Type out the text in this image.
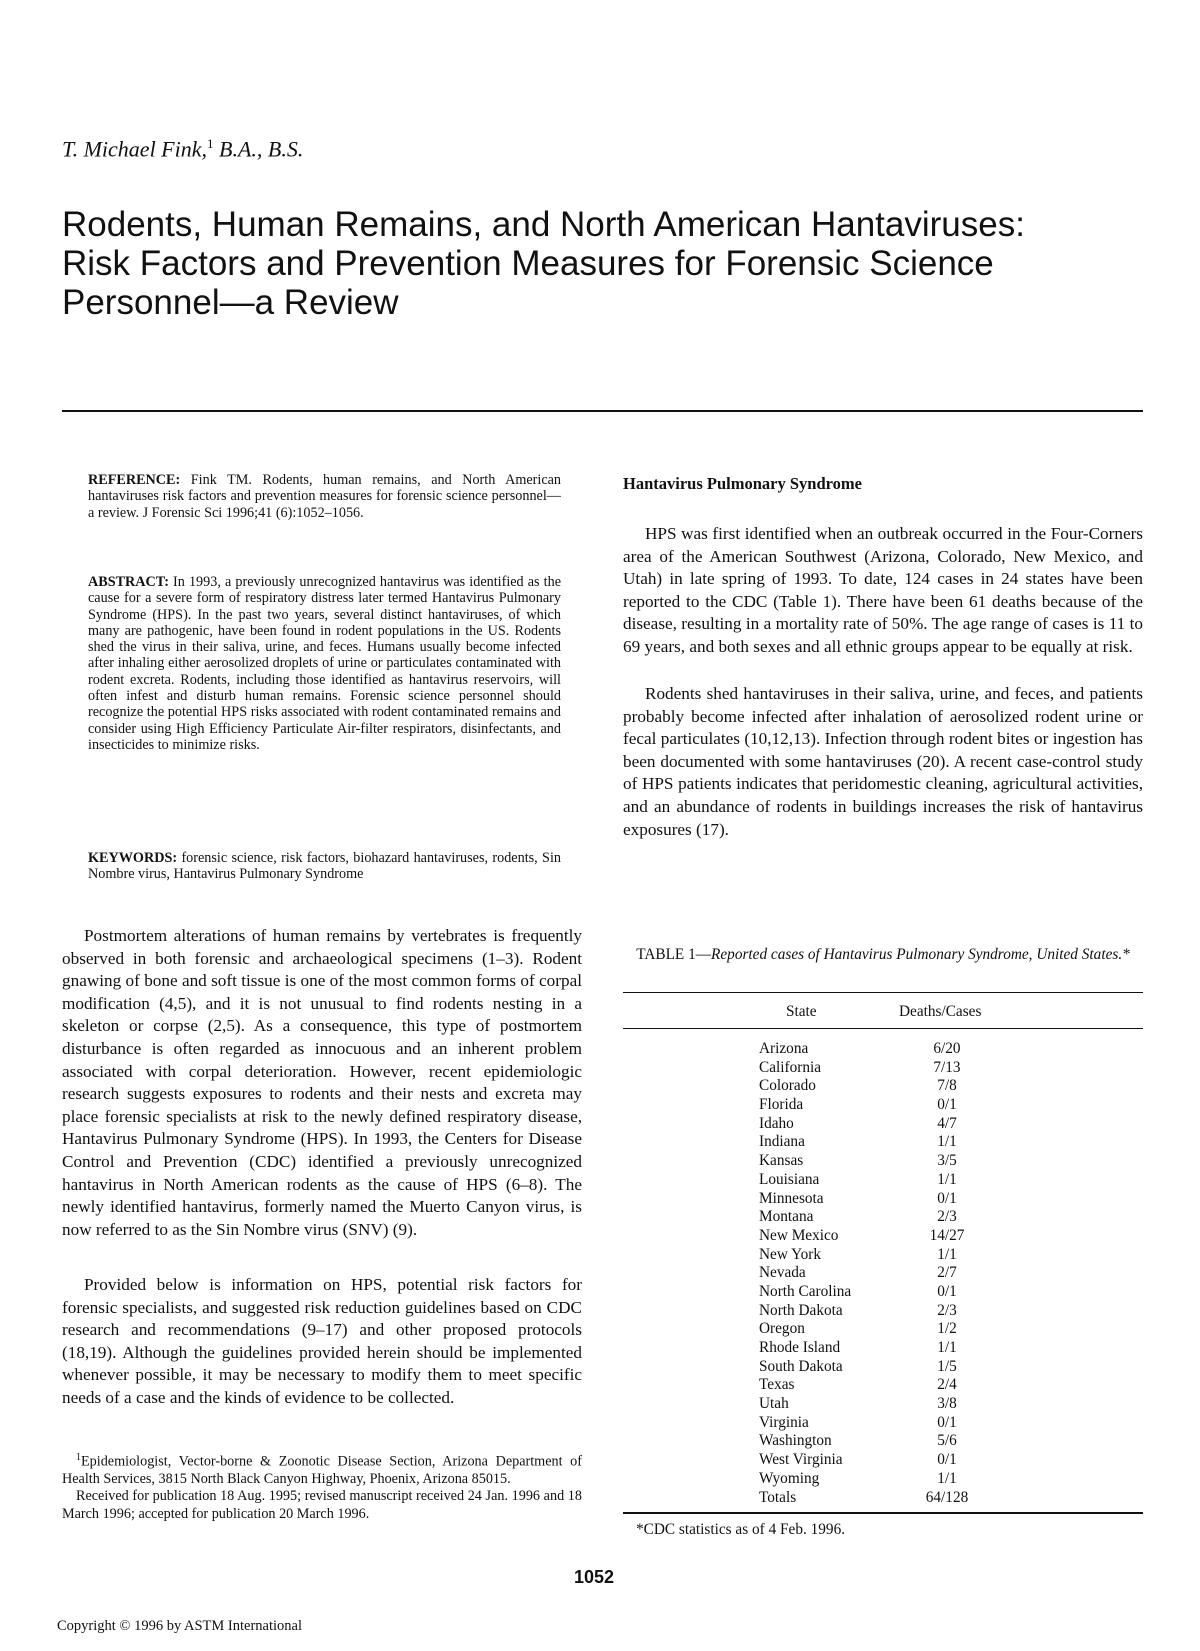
T. Michael Fink,$^1$ B.A., B.S.
Rodents, Human Remains, and North American Hantaviruses:
Risk Factors and Prevention Measures for Forensic Science
Personnel—a Review
REFERENCE: Fink TM. Rodents, human remains, and North American hantaviruses risk factors and prevention measures for forensic science personnel—a review. J Forensic Sci 1996;41 (6):1052–1056.
ABSTRACT: In 1993, a previously unrecognized hantavirus was identified as the cause for a severe form of respiratory distress later termed Hantavirus Pulmonary Syndrome (HPS). In the past two years, several distinct hantaviruses, of which many are pathogenic, have been found in rodent populations in the US. Rodents shed the virus in their saliva, urine, and feces. Humans usually become infected after inhaling either aerosolized droplets of urine or particulates contaminated with rodent excreta. Rodents, including those identified as hantavirus reservoirs, will often infest and disturb human remains. Forensic science personnel should recognize the potential HPS risks associated with rodent contaminated remains and consider using High Efficiency Particulate Air-filter respirators, disinfectants, and insecticides to minimize risks.
KEYWORDS: forensic science, risk factors, biohazard hantaviruses, rodents, Sin Nombre virus, Hantavirus Pulmonary Syndrome
Postmortem alterations of human remains by vertebrates is frequently observed in both forensic and archaeological specimens (1–3). Rodent gnawing of bone and soft tissue is one of the most common forms of corpal modification (4,5), and it is not unusual to find rodents nesting in a skeleton or corpse (2,5). As a consequence, this type of postmortem disturbance is often regarded as innocuous and an inherent problem associated with corpal deterioration. However, recent epidemiologic research suggests exposures to rodents and their nests and excreta may place forensic specialists at risk to the newly defined respiratory disease, Hantavirus Pulmonary Syndrome (HPS). In 1993, the Centers for Disease Control and Prevention (CDC) identified a previously unrecognized hantavirus in North American rodents as the cause of HPS (6–8). The newly identified hantavirus, formerly named the Muerto Canyon virus, is now referred to as the Sin Nombre virus (SNV) (9).
Provided below is information on HPS, potential risk factors for forensic specialists, and suggested risk reduction guidelines based on CDC research and recommendations (9–17) and other proposed protocols (18,19). Although the guidelines provided herein should be implemented whenever possible, it may be necessary to modify them to meet specific needs of a case and the kinds of evidence to be collected.
$^1$Epidemiologist, Vector-borne & Zoonotic Disease Section, Arizona Department of Health Services, 3815 North Black Canyon Highway, Phoenix, Arizona 85015.
Received for publication 18 Aug. 1995; revised manuscript received 24 Jan. 1996 and 18 March 1996; accepted for publication 20 March 1996.
Hantavirus Pulmonary Syndrome
HPS was first identified when an outbreak occurred in the Four-Corners area of the American Southwest (Arizona, Colorado, New Mexico, and Utah) in late spring of 1993. To date, 124 cases in 24 states have been reported to the CDC (Table 1). There have been 61 deaths because of the disease, resulting in a mortality rate of 50%. The age range of cases is 11 to 69 years, and both sexes and all ethnic groups appear to be equally at risk.
Rodents shed hantaviruses in their saliva, urine, and feces, and patients probably become infected after inhalation of aerosolized rodent urine or fecal particulates (10,12,13). Infection through rodent bites or ingestion has been documented with some hantaviruses (20). A recent case-control study of HPS patients indicates that peridomestic cleaning, agricultural activities, and an abundance of rodents in buildings increases the risk of hantavirus exposures (17).
TABLE 1—Reported cases of Hantavirus Pulmonary Syndrome, United States.*
State	Deaths/Cases
Arizona	6/20
California	7/13
Colorado	7/8
Florida	0/1
Idaho	4/7
Indiana	1/1
Kansas	3/5
Louisiana	1/1
Minnesota	0/1
Montana	2/3
New Mexico	14/27
New York	1/1
Nevada	2/7
North Carolina	0/1
North Dakota	2/3
Oregon	1/2
Rhode Island	1/1
South Dakota	1/5
Texas	2/4
Utah	3/8
Virginia	0/1
Washington	5/6
West Virginia	0/1
Wyoming	1/1
Totals	64/128
*CDC statistics as of 4 Feb. 1996.
1052
Copyright © 1996 by ASTM International
